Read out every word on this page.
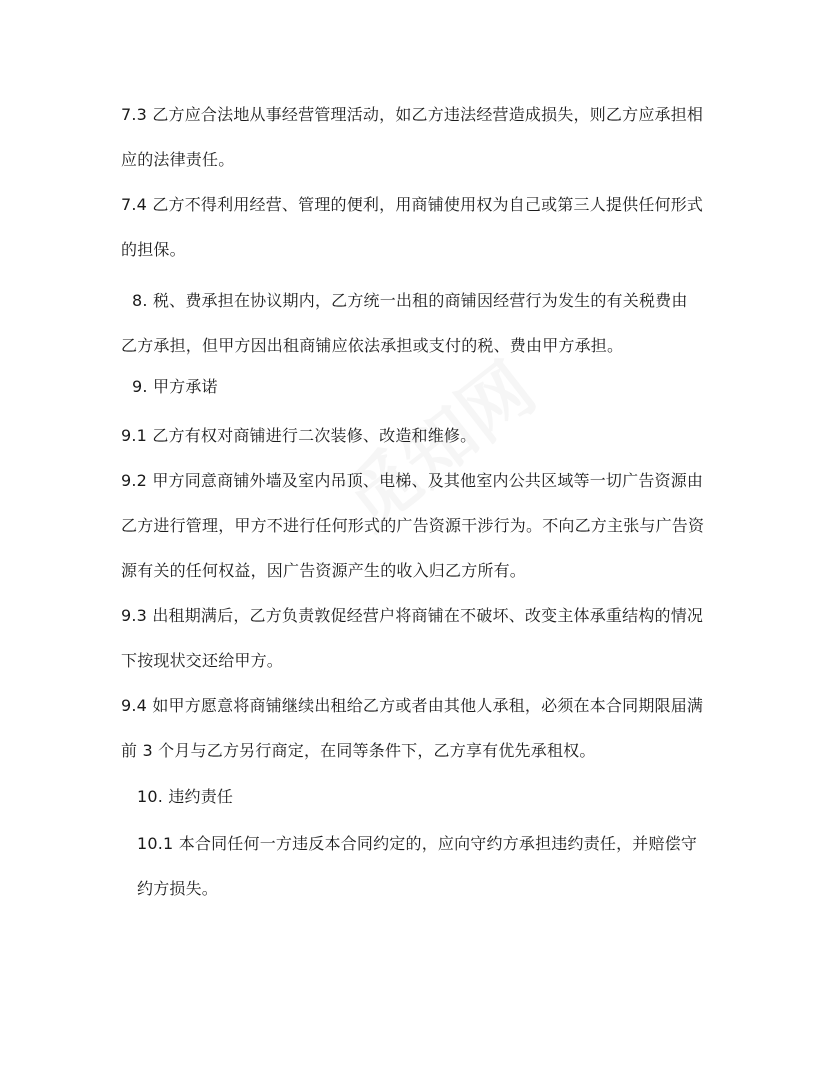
7.3 乙方应合法地从事经营管理活动，如乙方违法经营造成损失，则乙方应承担相
应的法律责任。
7.4 乙方不得利用经营、管理的便利，用商铺使用权为自己或第三人提供任何形式
的担保。
8. 税、费承担在协议期内，乙方统一出租的商铺因经营行为发生的有关税费由
乙方承担，但甲方因出租商铺应依法承担或支付的税、费由甲方承担。
9. 甲方承诺
9.1 乙方有权对商铺进行二次装修、改造和维修。
9.2 甲方同意商铺外墙及室内吊顶、电梯、及其他室内公共区域等一切广告资源由
乙方进行管理，甲方不进行任何形式的广告资源干涉行为。不向乙方主张与广告资
源有关的任何权益，因广告资源产生的收入归乙方所有。
9.3 出租期满后，乙方负责敦促经营户将商铺在不破坏、改变主体承重结构的情况
下按现状交还给甲方。
9.4 如甲方愿意将商铺继续出租给乙方或者由其他人承租，必须在本合同期限届满
前 3 个月与乙方另行商定，在同等条件下，乙方享有优先承租权。
10. 违约责任
10.1 本合同任何一方违反本合同约定的，应向守约方承担违约责任，并赔偿守
约方损失。
